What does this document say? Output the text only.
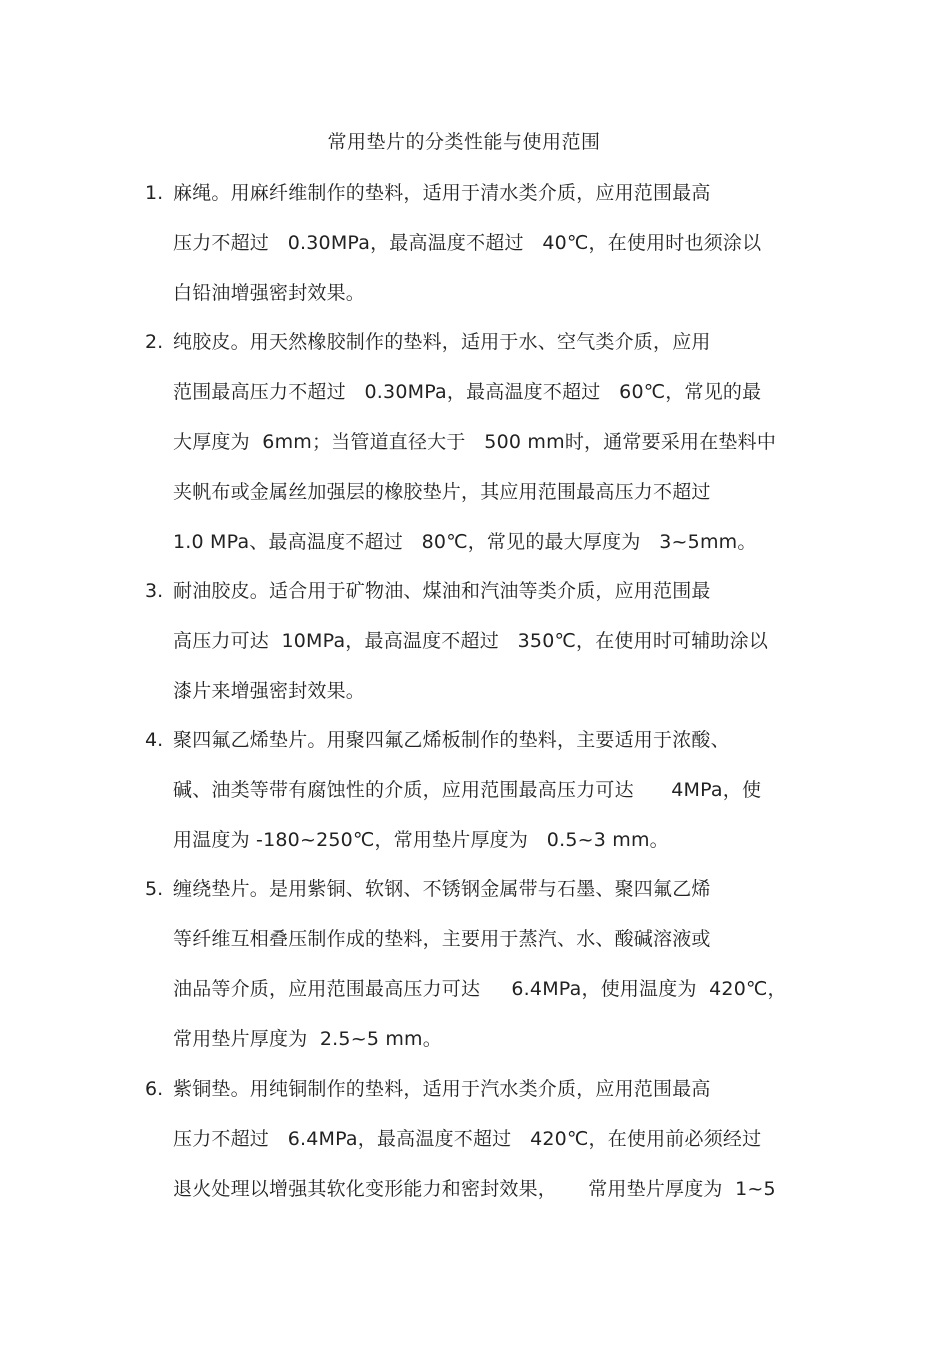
常用垫片的分类性能与使用范围
1. 麻绳。用麻纤维制作的垫料，适用于清水类介质，应用范围最高
压力不超过   0.30MPa，最高温度不超过   40℃，在使用时也须涂以
白铅油增强密封效果。
2. 纯胶皮。用天然橡胶制作的垫料，适用于水、空气类介质，应用
范围最高压力不超过   0.30MPa，最高温度不超过   60℃，常见的最
大厚度为  6mm；当管道直径大于   500 mm时，通常要采用在垫料中
夹帆布或金属丝加强层的橡胶垫片，其应用范围最高压力不超过
1.0 MPa、最高温度不超过   80℃，常见的最大厚度为   3~5mm。
3. 耐油胶皮。适合用于矿物油、煤油和汽油等类介质，应用范围最
高压力可达  10MPa，最高温度不超过   350℃，在使用时可辅助涂以
漆片来增强密封效果。
4. 聚四氟乙烯垫片。用聚四氟乙烯板制作的垫料，主要适用于浓酸、
碱、油类等带有腐蚀性的介质，应用范围最高压力可达      4MPa，使
用温度为 -180~250℃，常用垫片厚度为   0.5~3 mm。
5. 缠绕垫片。是用紫铜、软钢、不锈钢金属带与石墨、聚四氟乙烯
等纤维互相叠压制作成的垫料，主要用于蒸汽、水、酸碱溶液或
油品等介质，应用范围最高压力可达     6.4MPa，使用温度为  420℃，
常用垫片厚度为  2.5~5 mm。
6. 紫铜垫。用纯铜制作的垫料，适用于汽水类介质，应用范围最高
压力不超过   6.4MPa，最高温度不超过   420℃，在使用前必须经过
退火处理以增强其软化变形能力和密封效果，     常用垫片厚度为  1~5
